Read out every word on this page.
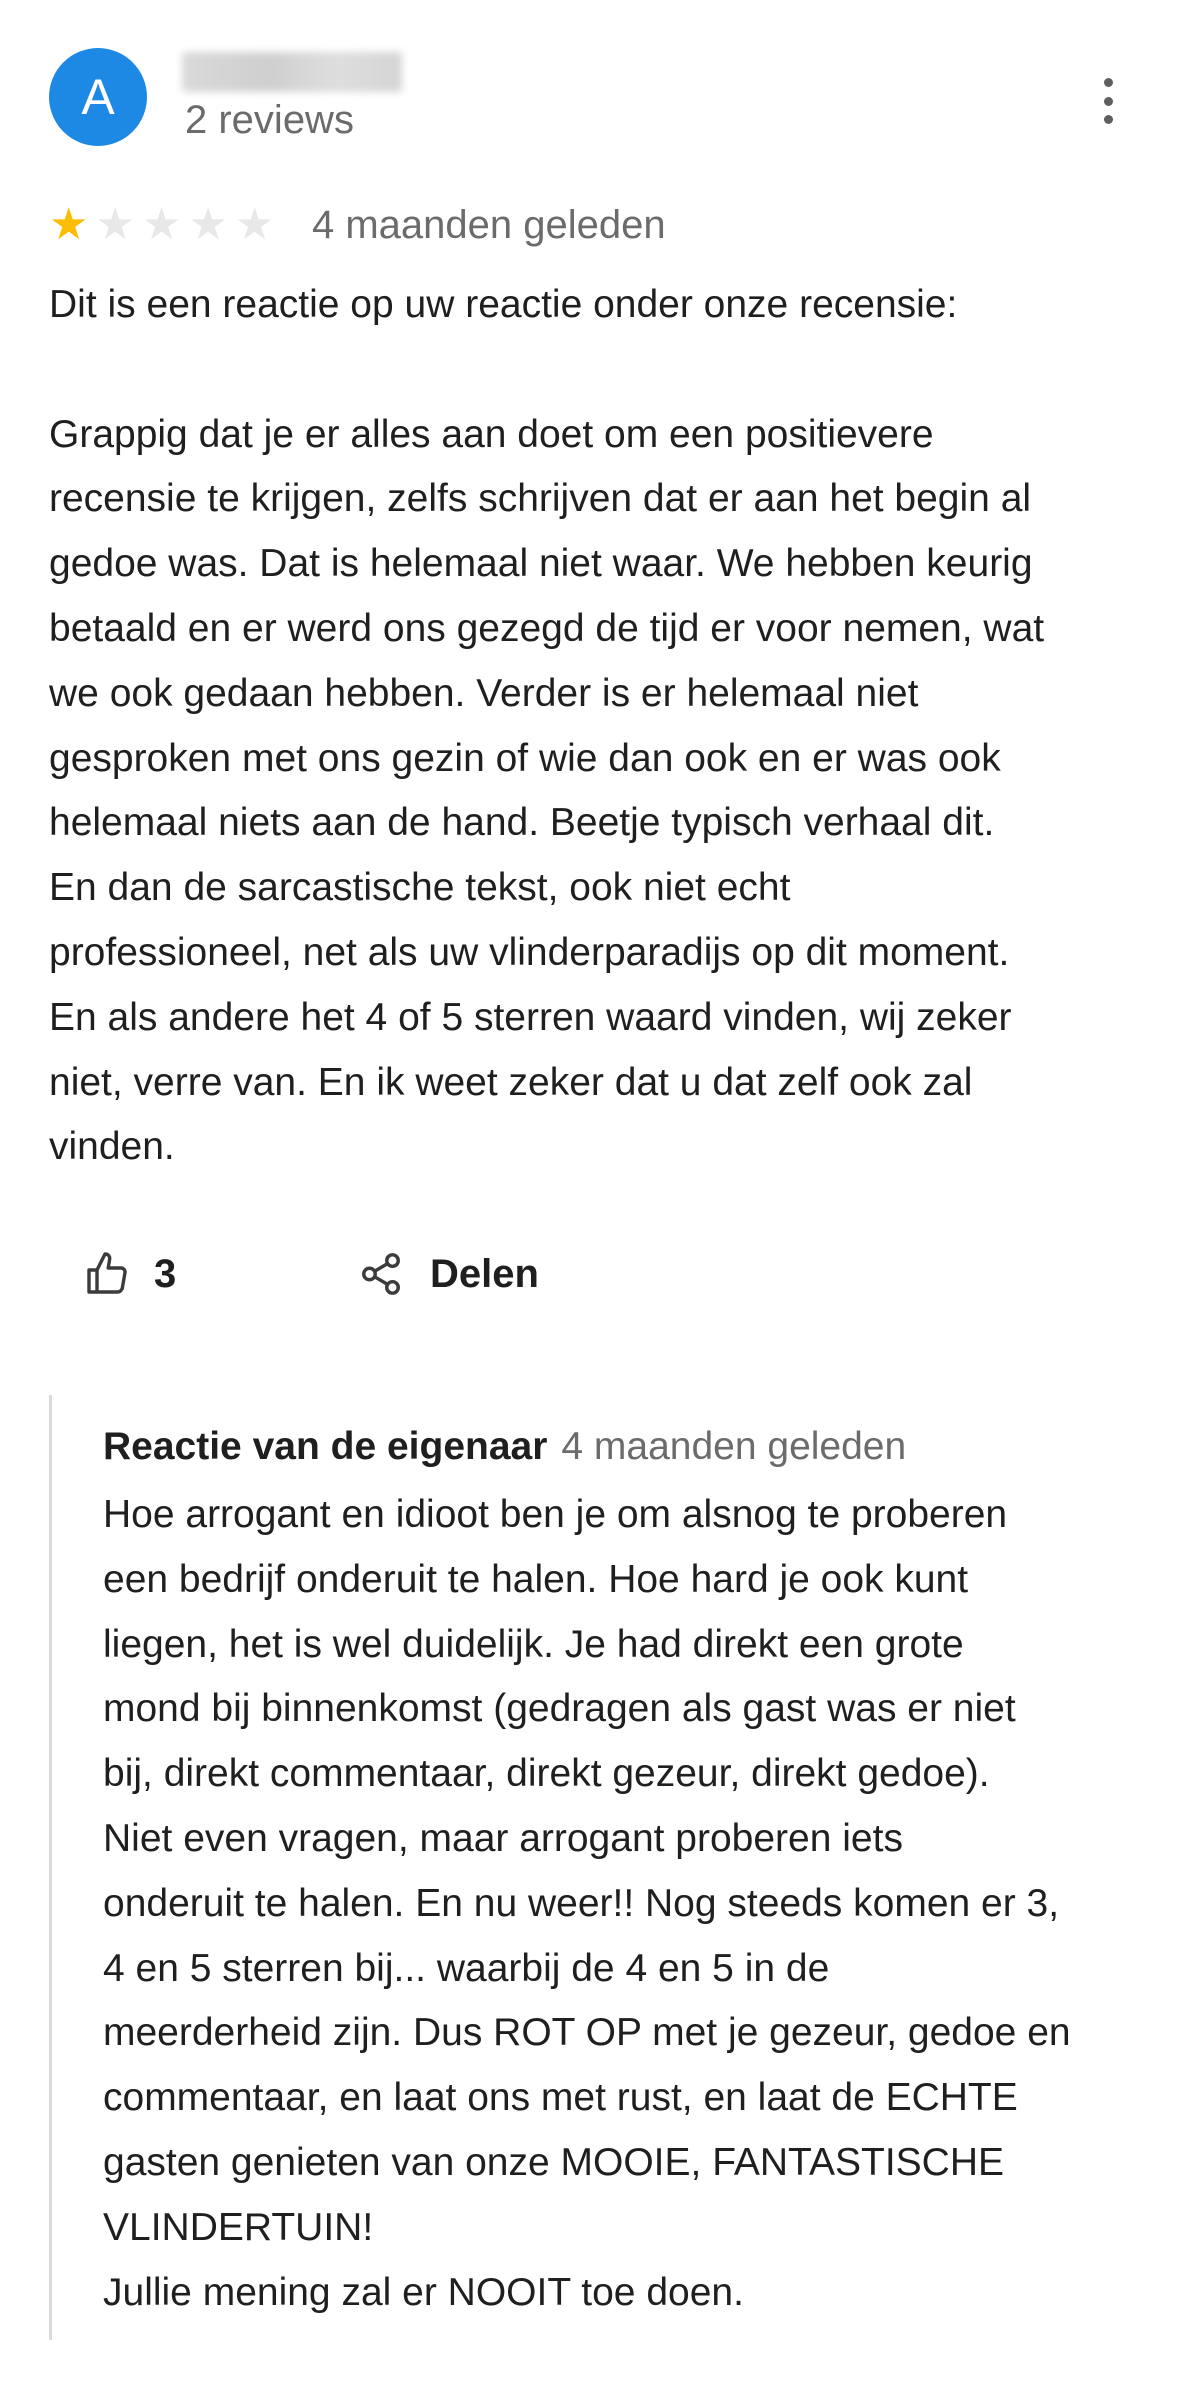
A 2 reviews
★ ★ ★ ★ ★ 4 maanden geleden

Dit is een reactie op uw reactie onder onze recensie:

Grappig dat je er alles aan doet om een positievere

recensie te krijgen, zelfs schrijven dat er aan het begin al

gedoe was. Dat is helemaal niet waar. We hebben keurig

betaald en er werd ons gezegd de tijd er voor nemen, wat

we ook gedaan hebben. Verder is er helemaal niet

gesproken met ons gezin of wie dan ook en er was ook

helemaal niets aan de hand. Beetje typisch verhaal dit.

En dan de sarcastische tekst, ook niet echt

professioneel, net als uw vlinderparadijs op dit moment.

En als andere het 4 of 5 sterren waard vinden, wij zeker

niet, verre van. En ik weet zeker dat u dat zelf ook zal

vinden.

3	Delen
Reactie van de eigenaar 4 maanden geleden

Hoe arrogant en idioot ben je om alsnog te proberen

een bedrijf onderuit te halen. Hoe hard je ook kunt

liegen, het is wel duidelijk. Je had direkt een grote

mond bij binnenkomst (gedragen als gast was er niet

bij, direkt commentaar, direkt gezeur, direkt gedoe).

Niet even vragen, maar arrogant proberen iets

onderuit te halen. En nu weer!! Nog steeds komen er 3,

4 en 5 sterren bij... waarbij de 4 en 5 in de

meerderheid zijn. Dus ROT OP met je gezeur, gedoe en

commentaar, en laat ons met rust, en laat de ECHTE

gasten genieten van onze MOOIE, FANTASTISCHE

VLINDERTUIN!

Jullie mening zal er NOOIT toe doen.
